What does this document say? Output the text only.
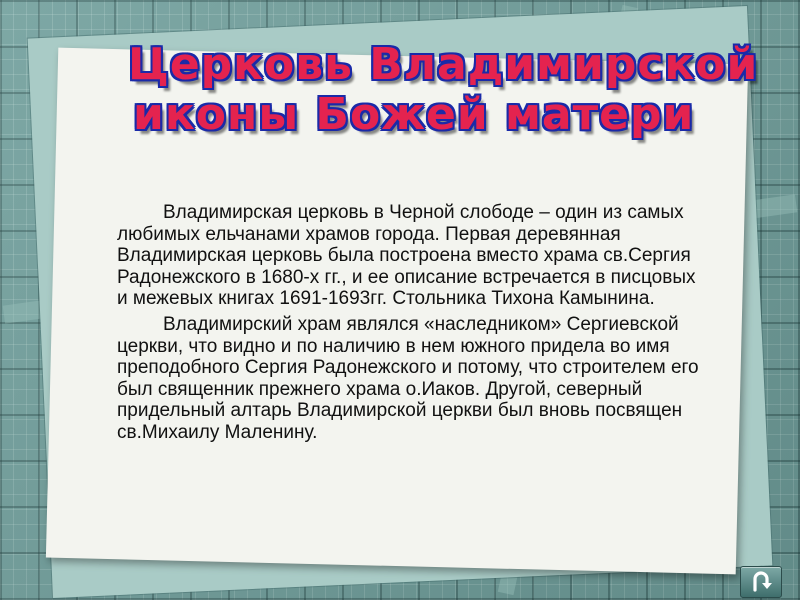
Церковь Владимирской
иконы Божей матери

Владимирская церковь в Черной слободе – один из самых любимых ельчанами храмов города. Первая деревянная Владимирская церковь была построена вместо храма св.Сергия Радонежского в 1680-х гг., и ее описание встречается в писцовых и межевых книгах 1691-1693гг. Стольника Тихона Камынина.

Владимирский храм являлся «наследником» Сергиевской церкви, что видно и по наличию в нем южного придела во имя преподобного Сергия Радонежского и потому, что строителем его был священник прежнего храма о.Иаков. Другой, северный придельный алтарь Владимирской церкви был вновь посвящен св.Михаилу Маленину.
